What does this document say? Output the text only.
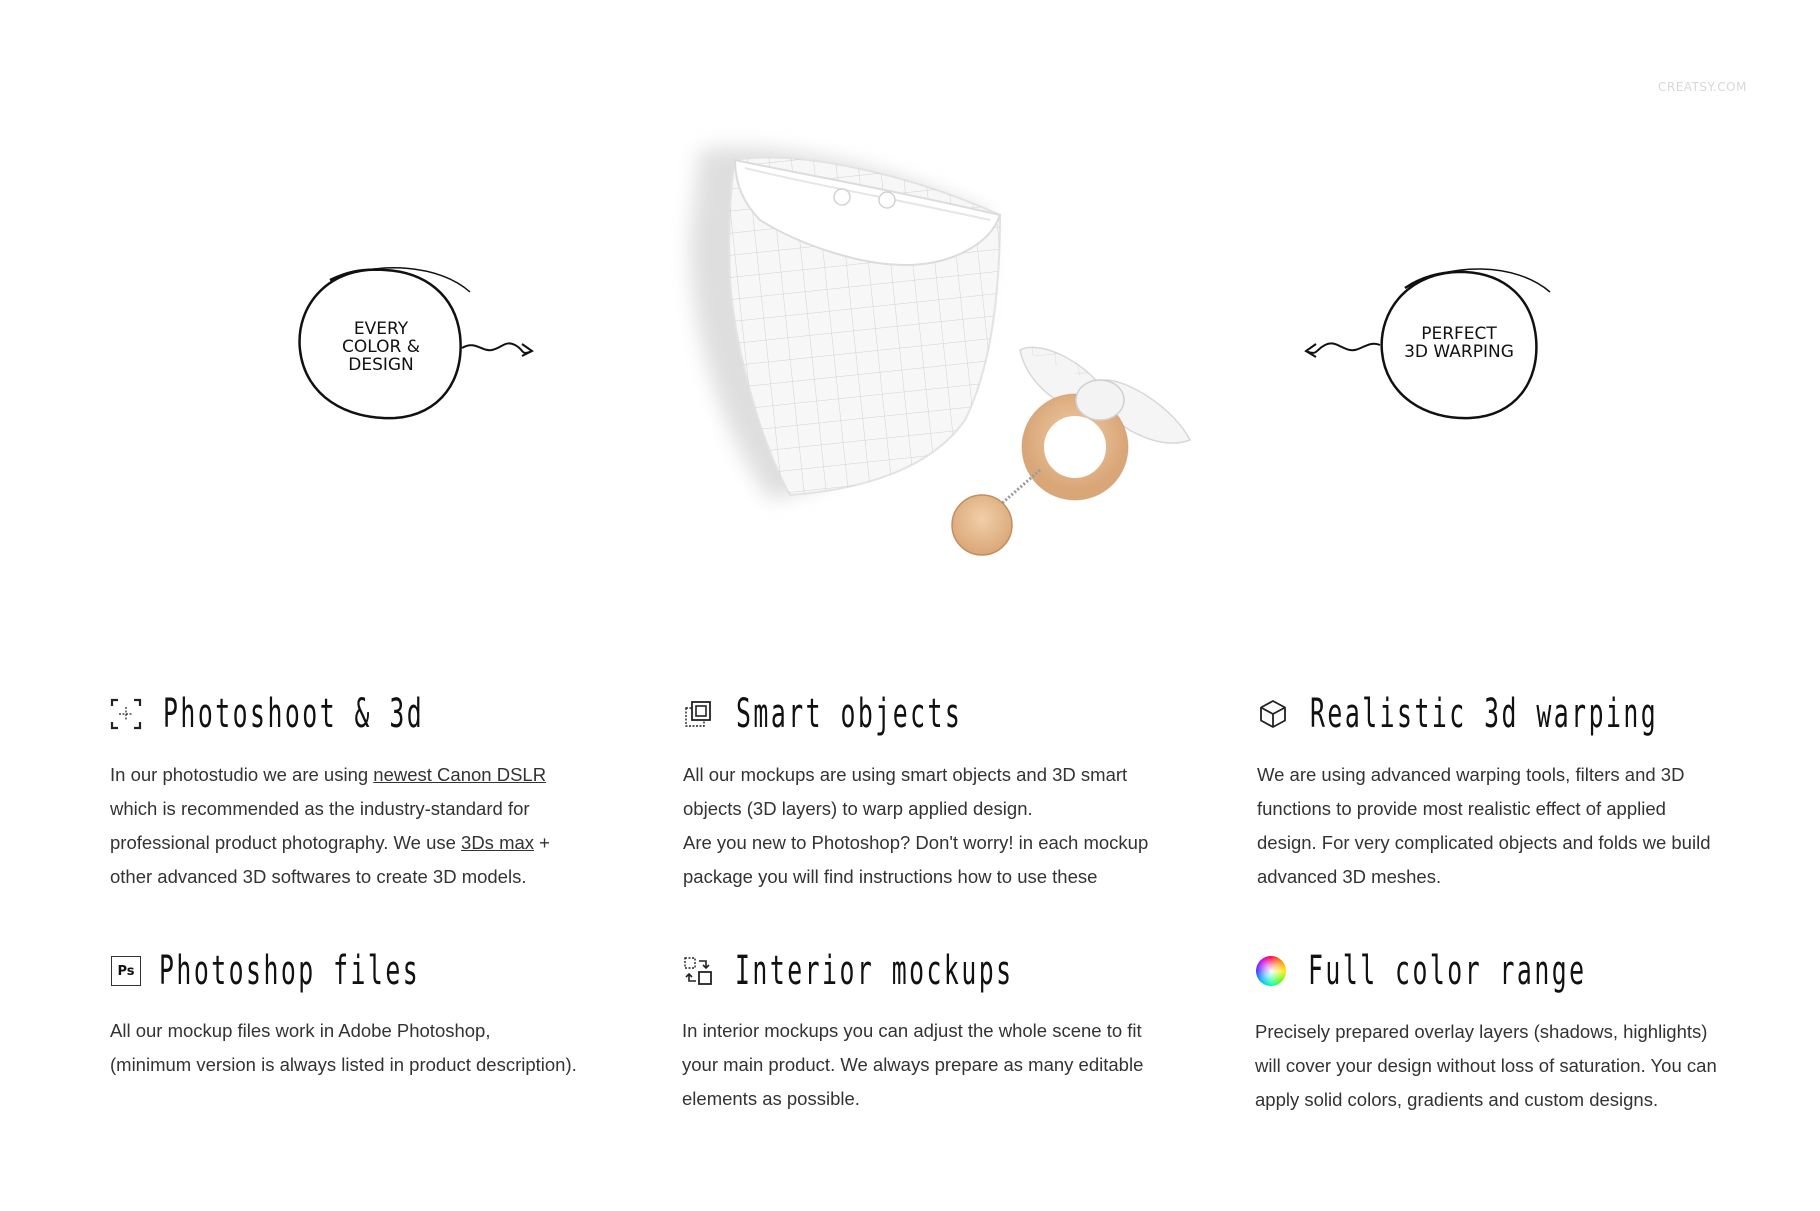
CREATSY.COM
EVERY
COLOR &
DESIGN
PERFECT
3D WARPING
Photoshoot & 3d
In our photostudio we are using newest Canon DSLR
which is recommended as the industry-standard for
professional product photography. We use 3Ds max +
other advanced 3D softwares to create 3D models.
Smart objects
All our mockups are using smart objects and 3D smart
objects (3D layers) to warp applied design.
Are you new to Photoshop? Don't worry! in each mockup
package you will find instructions how to use these
Realistic 3d warping
We are using advanced warping tools, filters and 3D
functions to provide most realistic effect of applied
design. For very complicated objects and folds we build
advanced 3D meshes.
Ps Photoshop files
All our mockup files work in Adobe Photoshop,
(minimum version is always listed in product description).
Interior mockups
In interior mockups you can adjust the whole scene to fit
your main product. We always prepare as many editable
elements as possible.
Full color range
Precisely prepared overlay layers (shadows, highlights)
will cover your design without loss of saturation. You can
apply solid colors, gradients and custom designs.
